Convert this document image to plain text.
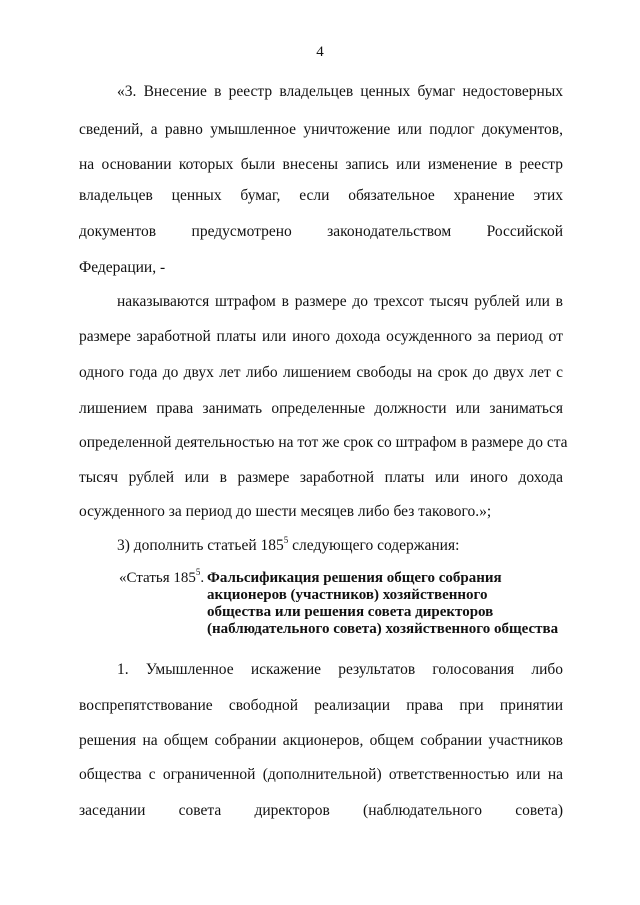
4
«3. Внесение в реестр владельцев ценных бумаг недостоверных
сведений, а равно умышленное уничтожение или подлог документов,
на основании которых были внесены запись или изменение в реестр
владельцев ценных бумаг, если обязательное хранение этих
документов предусмотрено законодательством Российской
Федерации, -
наказываются штрафом в размере до трехсот тысяч рублей или в
размере заработной платы или иного дохода осужденного за период от
одного года до двух лет либо лишением свободы на срок до двух лет с
лишением права занимать определенные должности или заниматься
определенной деятельностью на тот же срок со штрафом в размере до ста
тысяч рублей или в размере заработной платы или иного дохода
осужденного за период до шести месяцев либо без такового.»;
3) дополнить статьей $185^5$ следующего содержания:
«Статья $185^5$. Фальсификация решения общего собрания
акционеров (участников) хозяйственного
общества или решения совета директоров
(наблюдательного совета) хозяйственного общества
1. Умышленное искажение результатов голосования либо
воспрепятствование свободной реализации права при принятии
решения на общем собрании акционеров, общем собрании участников
общества с ограниченной (дополнительной) ответственностью или на
заседании совета директоров (наблюдательного совета)
